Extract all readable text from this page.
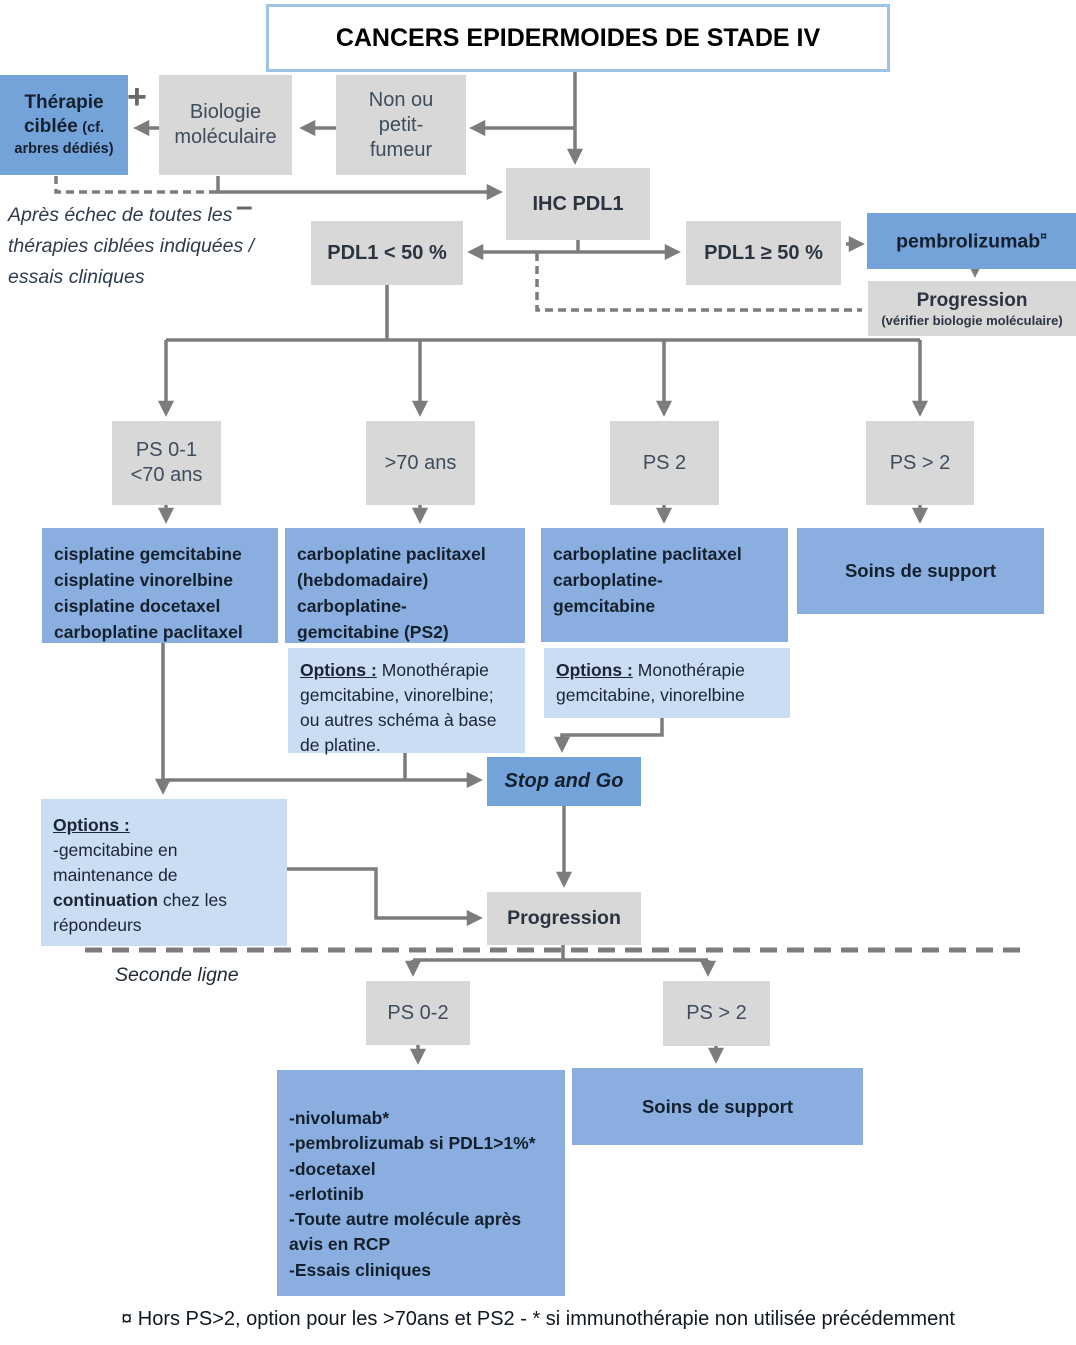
CANCERS EPIDERMOIDES DE STADE IV
Thérapie ciblée (cf. arbres dédiés)
+ Biologie
moléculaire
Non ou
petit-
fumeur
–
Après échec de toutes les
thérapies ciblées indiquées /
essais cliniques
IHC PDL1
PDL1 < 50 %	PDL1 ≥ 50 %
pembrolizumab¤
Progression
(vérifier biologie moléculaire)
PS 0-1
<70 ans
>70 ans	PS 2	PS > 2
cisplatine gemcitabine
cisplatine vinorelbine
cisplatine docetaxel
carboplatine paclitaxel
carboplatine paclitaxel
(hebdomadaire)
carboplatine-
gemcitabine (PS2)
carboplatine paclitaxel
carboplatine-
gemcitabine
Soins de support
Options : Monothérapie gemcitabine, vinorelbine; ou autres schéma à base de platine.
Options : Monothérapie gemcitabine, vinorelbine
Options :
-gemcitabine en maintenance de continuation chez les répondeurs
Stop and Go
Progression
Seconde ligne
PS 0-2	PS > 2
-nivolumab*
-pembrolizumab si PDL1>1%*
-docetaxel
-erlotinib
-Toute autre molécule après
avis en RCP
-Essais cliniques
Soins de support
¤ Hors PS>2, option pour les >70ans et PS2 - * si immunothérapie non utilisée précédemment
